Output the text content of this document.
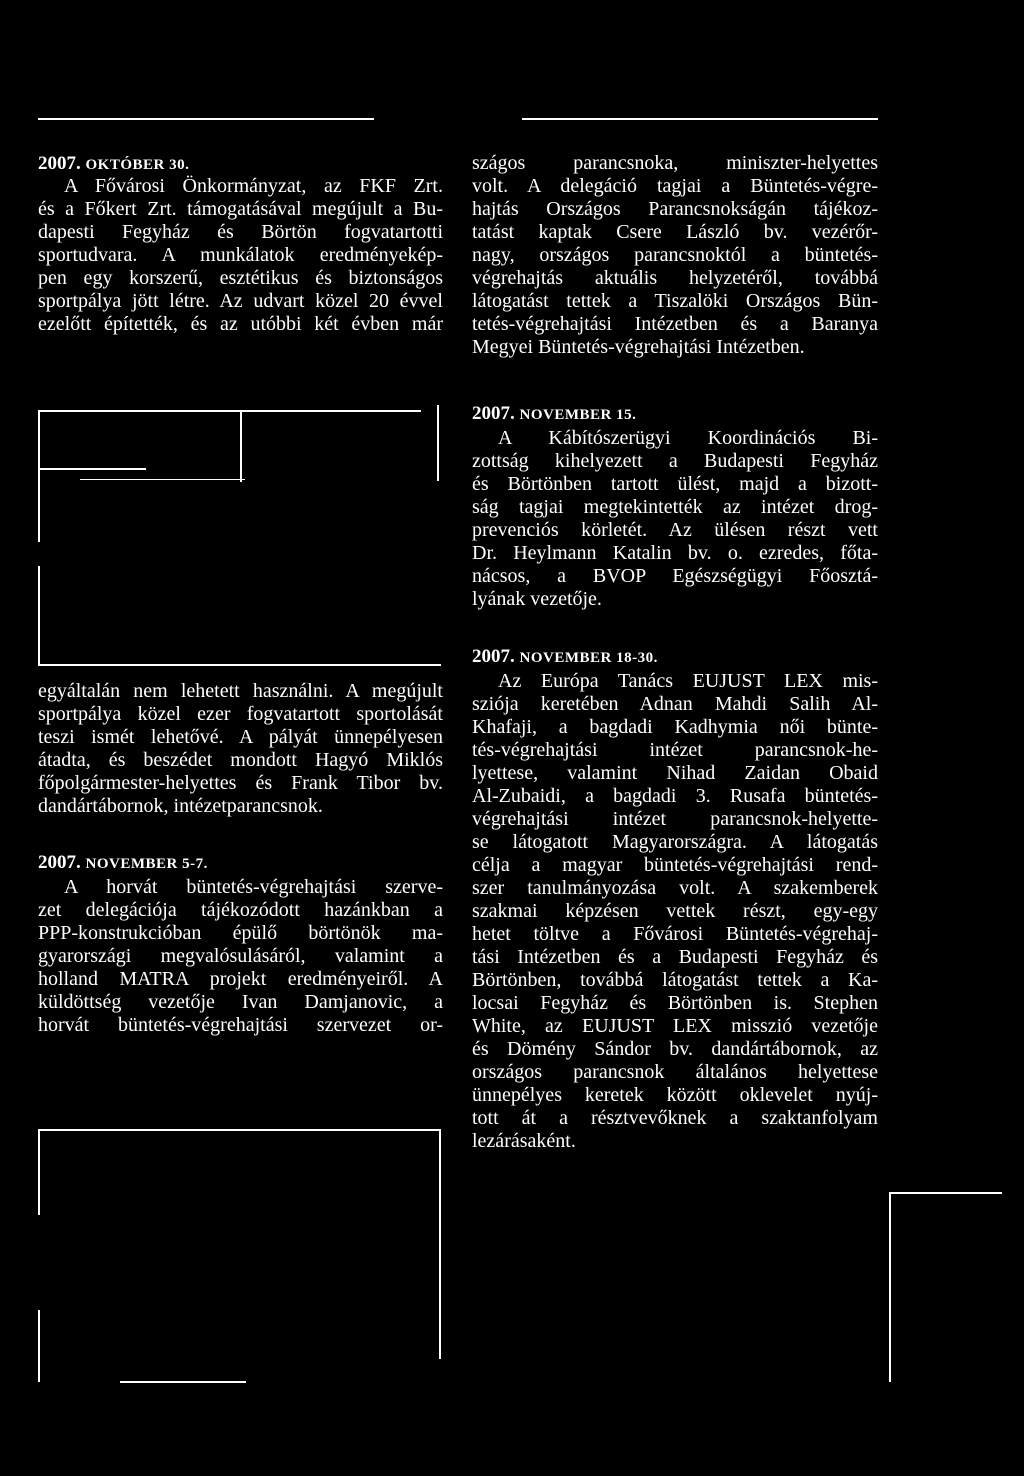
2007. OKTÓBER 30.
A Fővárosi Önkormányzat, az FKF Zrt.
és a Főkert Zrt. támogatásával megújult a Bu-
dapesti Fegyház és Börtön fogvatartotti
sportudvara. A munkálatok eredményekép-
pen egy korszerű, esztétikus és biztonságos
sportpálya jött létre. Az udvart közel 20 évvel
ezelőtt építették, és az utóbbi két évben már
egyáltalán nem lehetett használni. A megújult
sportpálya közel ezer fogvatartott sportolását
teszi ismét lehetővé. A pályát ünnepélyesen
átadta, és beszédet mondott Hagyó Miklós
főpolgármester-helyettes és Frank Tibor bv.
dandártábornok, intézetparancsnok.
2007. NOVEMBER 5-7.
A horvát büntetés-végrehajtási szerve-
zet delegációja tájékozódott hazánkban a
PPP-konstrukcióban épülő börtönök ma-
gyarországi megvalósulásáról, valamint a
holland MATRA projekt eredményeiről. A
küldöttség vezetője Ivan Damjanovic, a
horvát büntetés-végrehajtási szervezet or-
szágos parancsnoka, miniszter-helyettes
volt. A delegáció tagjai a Büntetés-végre-
hajtás Országos Parancsnokságán tájékoz-
tatást kaptak Csere László bv. vezérőr-
nagy, országos parancsnoktól a büntetés-
végrehajtás aktuális helyzetéről, továbbá
látogatást tettek a Tiszalöki Országos Bün-
tetés-végrehajtási Intézetben és a Baranya
Megyei Büntetés-végrehajtási Intézetben.
2007. NOVEMBER 15.
A Kábítószerügyi Koordinációs Bi-
zottság kihelyezett a Budapesti Fegyház
és Börtönben tartott ülést, majd a bizott-
ság tagjai megtekintették az intézet drog-
prevenciós körletét. Az ülésen részt vett
Dr. Heylmann Katalin bv. o. ezredes, főta-
nácsos, a BVOP Egészségügyi Főosztá-
lyának vezetője.
2007. NOVEMBER 18-30.
Az Európa Tanács EUJUST LEX mis-
sziója keretében Adnan Mahdi Salih Al-
Khafaji, a bagdadi Kadhymia női bünte-
tés-végrehajtási intézet parancsnok-he-
lyettese, valamint Nihad Zaidan Obaid
Al-Zubaidi, a bagdadi 3. Rusafa büntetés-
végrehajtási intézet parancsnok-helyette-
se látogatott Magyarországra. A látogatás
célja a magyar büntetés-végrehajtási rend-
szer tanulmányozása volt. A szakemberek
szakmai képzésen vettek részt, egy-egy
hetet töltve a Fővárosi Büntetés-végrehaj-
tási Intézetben és a Budapesti Fegyház és
Börtönben, továbbá látogatást tettek a Ka-
locsai Fegyház és Börtönben is. Stephen
White, az EUJUST LEX misszió vezetője
és Dömény Sándor bv. dandártábornok, az
országos parancsnok általános helyettese
ünnepélyes keretek között oklevelet nyúj-
tott át a résztvevőknek a szaktanfolyam
lezárásaként.
